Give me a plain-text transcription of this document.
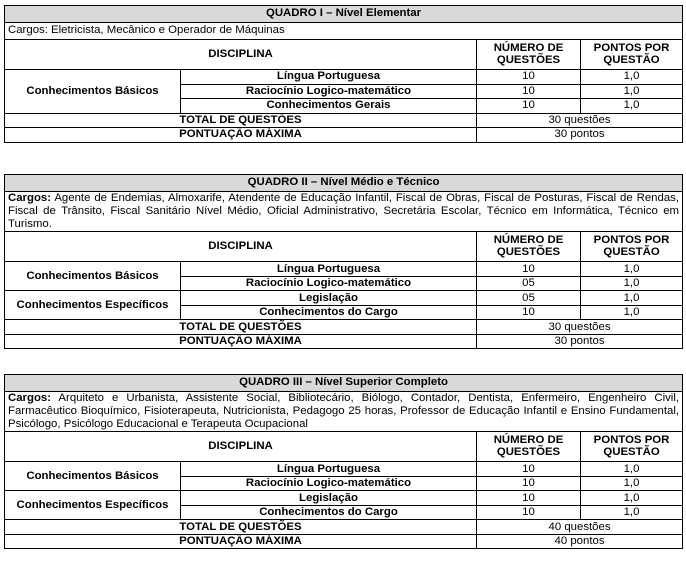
QUADRO I – Nível Elementar			
Cargos: Eletricista, Mecânico e Operador de Máquinas			
DISCIPLINA		NÚMERO DE QUESTÕES	PONTOS POR QUESTÃO
Conhecimentos Básicos	Língua Portuguesa	10	1,0
	Raciocínio Logico-matemático	10	1,0
	Conhecimentos Gerais	10	1,0
TOTAL DE QUESTÕES		30 questões	
PONTUAÇÃO MÁXIMA		30 pontos	
QUADRO II – Nível Médio e Técnico			
Cargos: Agente de Endemias, Almoxarife, Atendente de Educação Infantil, Fiscal de Obras, Fiscal de Posturas, Fiscal de Rendas, Fiscal de Trânsito, Fiscal Sanitário Nível Médio, Oficial Administrativo, Secretária Escolar, Técnico em Informática, Técnico em Turismo.			
DISCIPLINA		NÚMERO DE QUESTÕES	PONTOS POR QUESTÃO
Conhecimentos Básicos	Língua Portuguesa	10	1,0
	Raciocínio Logico-matemático	05	1,0
Conhecimentos Específicos	Legislação	05	1,0
	Conhecimentos do Cargo	10	1,0
TOTAL DE QUESTÕES		30 questões	
PONTUAÇÃO MÁXIMA		30 pontos	
QUADRO III – Nível Superior Completo			
Cargos: Arquiteto e Urbanista, Assistente Social, Bibliotecário, Biólogo, Contador, Dentista, Enfermeiro, Engenheiro Civil, Farmacêutico Bioquímico, Fisioterapeuta, Nutricionista, Pedagogo 25 horas, Professor de Educação Infantil e Ensino Fundamental, Psicólogo, Psicólogo Educacional e Terapeuta Ocupacional			
DISCIPLINA		NÚMERO DE QUESTÕES	PONTOS POR QUESTÃO
Conhecimentos Básicos	Língua Portuguesa	10	1,0
	Raciocínio Logico-matemático	10	1,0
Conhecimentos Específicos	Legislação	10	1,0
	Conhecimentos do Cargo	10	1,0
TOTAL DE QUESTÕES		40 questões	
PONTUAÇÃO MÁXIMA		40 pontos	
